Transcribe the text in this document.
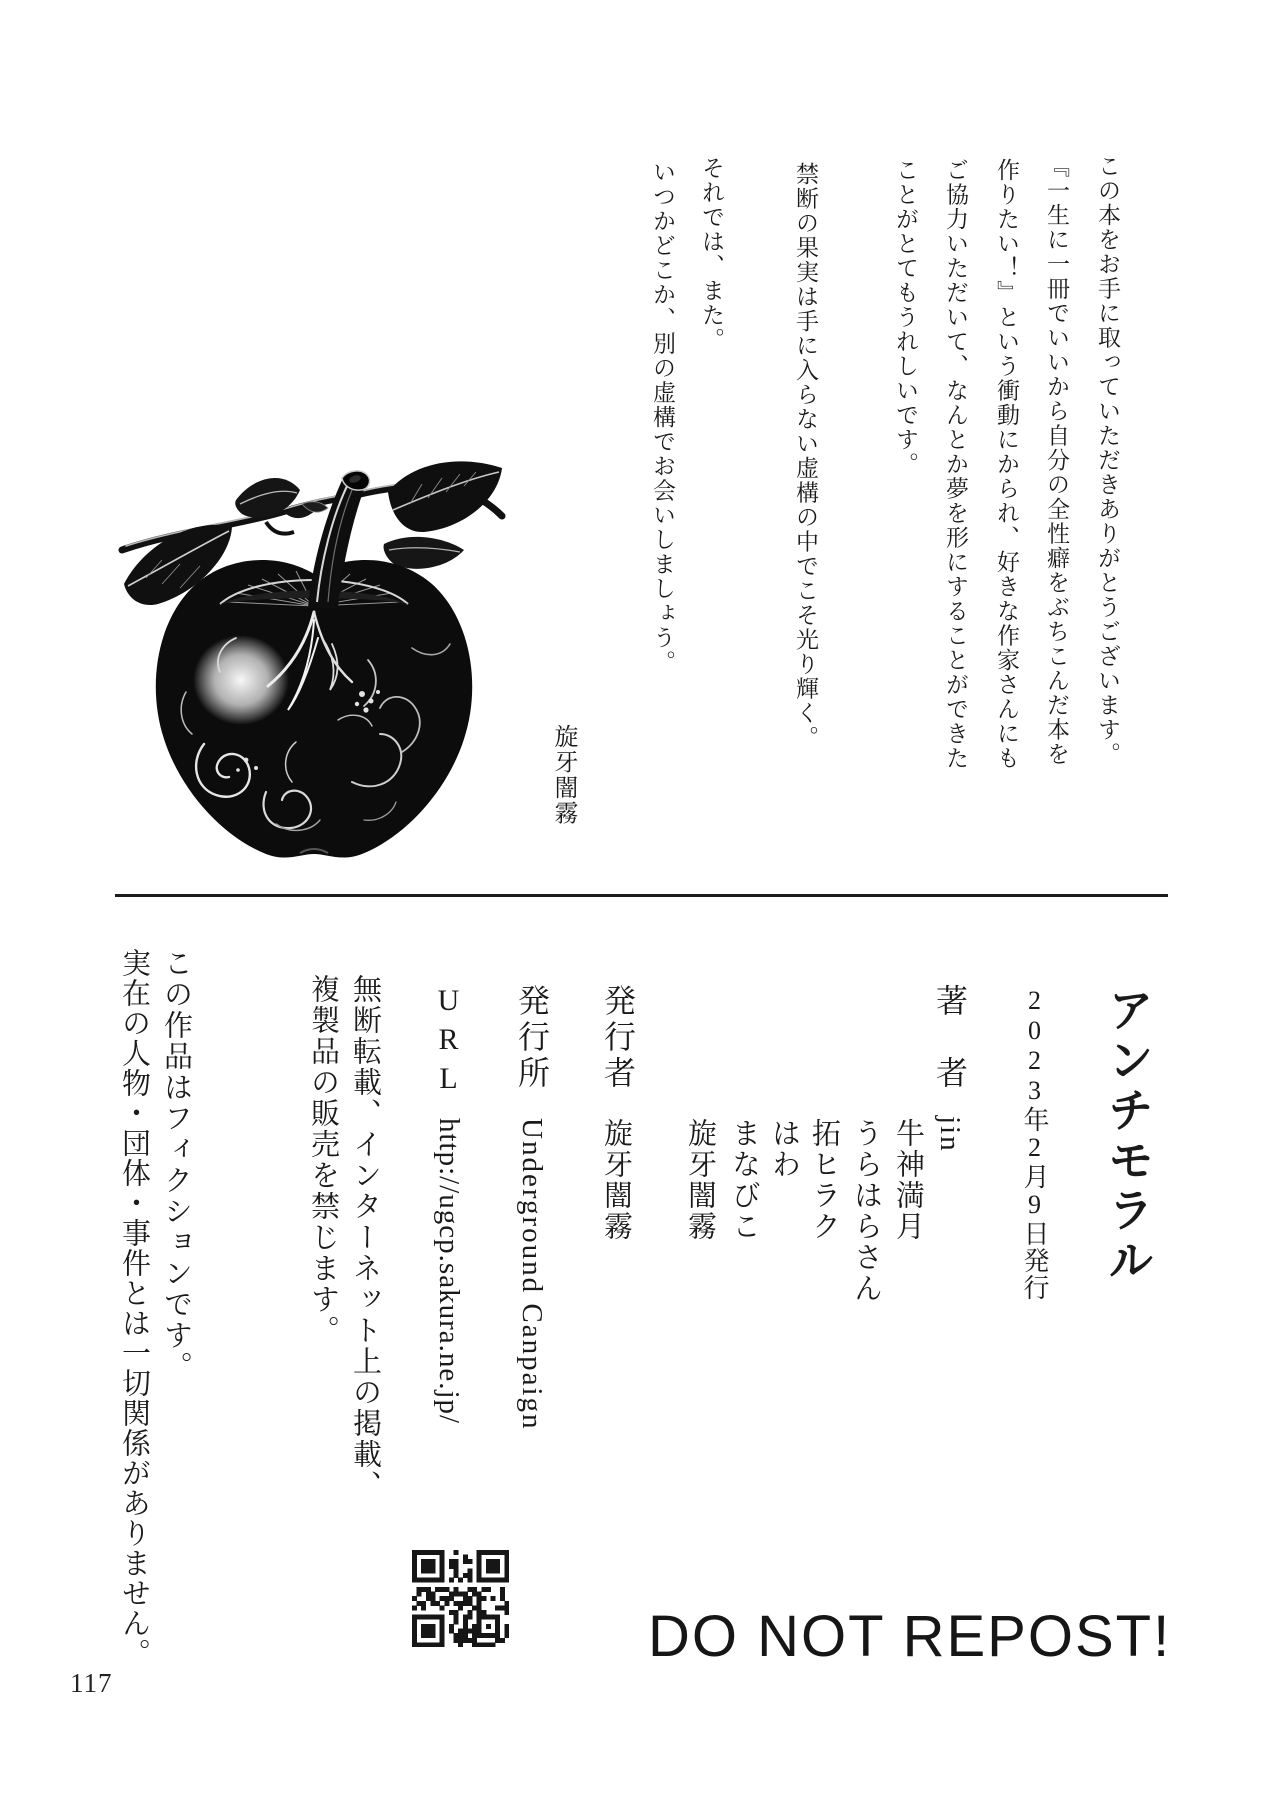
この本をお手に取っていただきありがとうございます。
『一生に一冊でいいから自分の全性癖をぶちこんだ本を
作りたい！』という衝動にかられ、好きな作家さんにも
ご協力いただいて、なんとか夢を形にすることができた
ことがとてもうれしいです。
禁断の果実は手に入らない虚構の中でこそ光り輝く。
それでは、また。
いつかどこか、別の虚構でお会いしましょう。
旋牙闇霧
アンチモラル
2023年2月9日発行
著　者
jin
牛神満月
うらはらさん
拓ヒラク
はわ
まなびこ
旋牙闇霧
発行者
旋牙闇霧
発行所
Underground Canpaign
URL
http://ugcp.sakura.ne.jp/
無断転載、インターネット上の掲載、
複製品の販売を禁じます。
この作品はフィクションです。
実在の人物・団体・事件とは一切関係がありません。	DO NOT REPOST!
117
